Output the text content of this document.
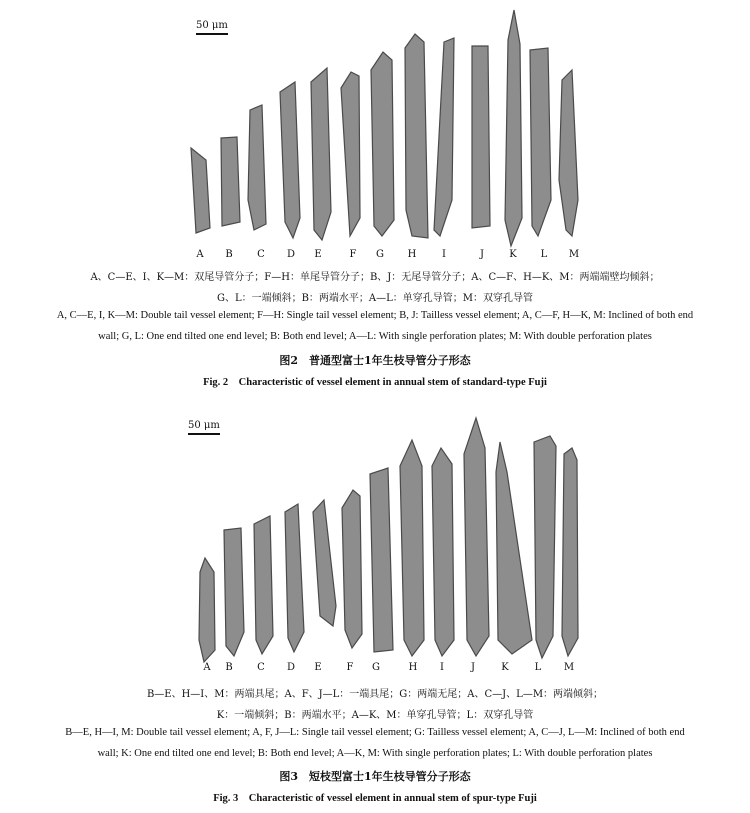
50 μm
A	B	C	D	E	F	G	H	I	J	K	L	M
A、C—E、I、K—M：双尾导管分子；F—H：单尾导管分子；B、J：无尾导管分子；A、C—F、H—K、M：两端端壁均倾斜；
G、L：一端倾斜；B：两端水平；A—L：单穿孔导管；M：双穿孔导管
A, C—E, I, K—M: Double tail vessel element; F—H: Single tail vessel element; B, J: Tailless vessel element; A, C—F, H—K, M: Inclined of both end
wall; G, L: One end tilted one end level; B: Both end level; A—L: With single perforation plates; M: With double perforation plates
图2　普通型富士1年生枝导管分子形态
Fig. 2　Characteristic of vessel element in annual stem of standard-type Fuji
50 μm
A	B	C	D	E	F	G	H	I	J	K	L	M
B—E、H—I、M：两端具尾；A、F、J—L：一端具尾；G：两端无尾；A、C—J、L—M：两端倾斜；
K：一端倾斜；B：两端水平；A—K、M：单穿孔导管；L：双穿孔导管
B—E, H—I, M: Double tail vessel element; A, F, J—L: Single tail vessel element; G: Tailless vessel element; A, C—J, L—M: Inclined of both end
wall; K: One end tilted one end level; B: Both end level; A—K, M: With single perforation plates; L: With double perforation plates
图3　短枝型富士1年生枝导管分子形态
Fig. 3　Characteristic of vessel element in annual stem of spur-type Fuji
